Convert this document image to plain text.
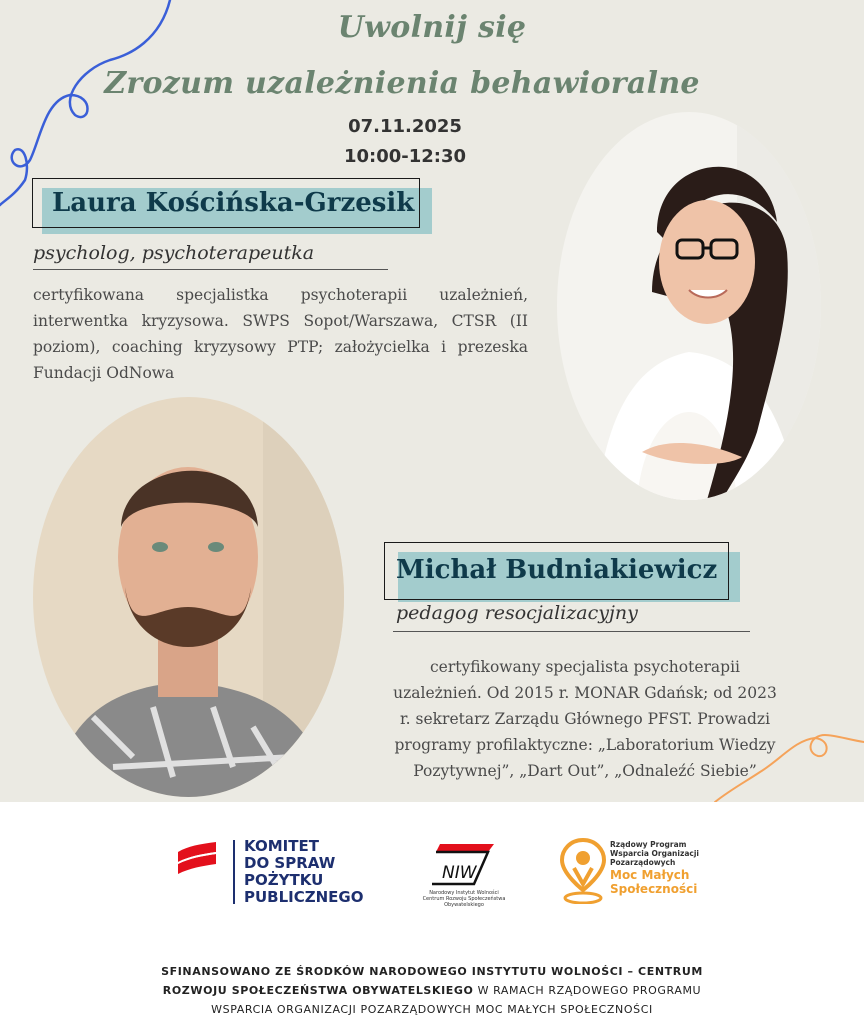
Uwolnij się
Zrozum uzależnienia behawioralne
07.11.2025
10:00-12:30
Laura Kościńska-Grzesik
psycholog, psychoterapeutka
certyfikowana specjalistka psychoterapii uzależnień, interwentka kryzysowa. SWPS Sopot/Warszawa, CTSR (II poziom), coaching kryzysowy PTP; założycielka i prezeska Fundacji OdNowa
Michał Budniakiewicz
pedagog resocjalizacyjny
certyfikowany specjalista psychoterapii uzależnień. Od 2015 r. MONAR Gdańsk; od 2023 r. sekretarz Zarządu Głównego PFST. Prowadzi programy profilaktyczne: „Laboratorium Wiedzy Pozytywnej”, „Dart Out”, „Odnaleźć Siebie”
KOMITET
DO SPRAW
POŻYTKU
PUBLICZNEGO
NIW
Narodowy Instytut Wolności
Centrum Rozwoju Społeczeństwa Obywatelskiego
Rządowy Program
Wsparcia Organizacji
Pozarządowych
Moc Małych
Społeczności
SFINANSOWANO ZE ŚRODKÓW NARODOWEGO INSTYTUTU WOLNOŚCI – CENTRUM
ROZWOJU SPOŁECZEŃSTWA OBYWATELSKIEGO W RAMACH RZĄDOWEGO PROGRAMU
WSPARCIA ORGANIZACJI POZARZĄDOWYCH MOC MAŁYCH SPOŁECZNOŚCI
